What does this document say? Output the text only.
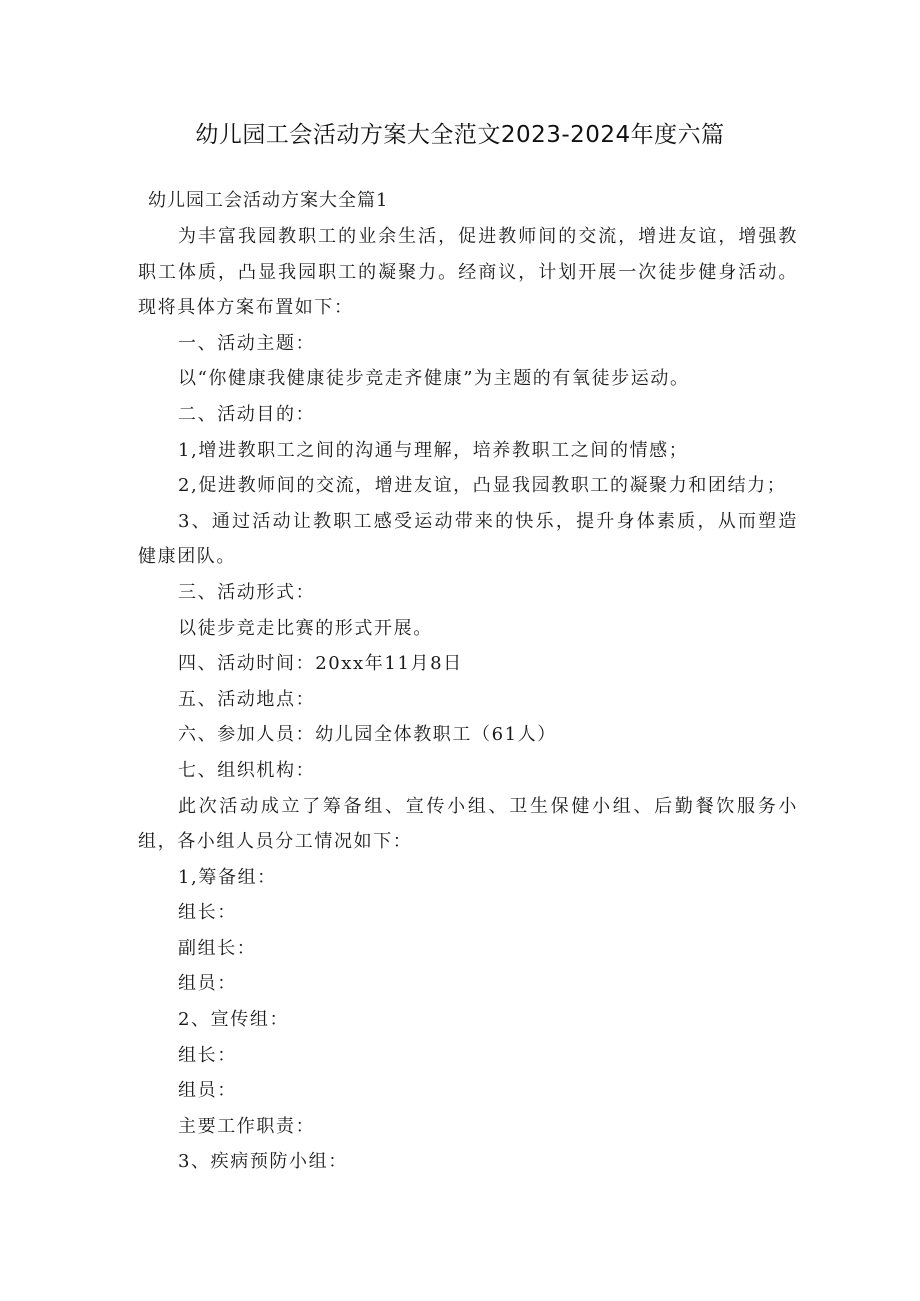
幼儿园工会活动方案大全范文2023-2024年度六篇
幼儿园工会活动方案大全篇1

为丰富我园教职工的业余生活，促进教师间的交流，增进友谊，增强教职工体质，凸显我园职工的凝聚力。经商议，计划开展一次徒步健身活动。现将具体方案布置如下：

一、活动主题：

以“你健康我健康徒步竞走齐健康”为主题的有氧徒步运动。

二、活动目的：

1,增进教职工之间的沟通与理解，培养教职工之间的情感；

2,促进教师间的交流，增进友谊，凸显我园教职工的凝聚力和团结力；

3、通过活动让教职工感受运动带来的快乐，提升身体素质，从而塑造健康团队。

三、活动形式：

以徒步竞走比赛的形式开展。

四、活动时间：20xx年11月8日

五、活动地点：

六、参加人员：幼儿园全体教职工（61人）

七、组织机构：

此次活动成立了筹备组、宣传小组、卫生保健小组、后勤餐饮服务小组，各小组人员分工情况如下：

1,筹备组：

组长：

副组长：

组员：

2、宣传组：

组长：

组员：

主要工作职责：

3、疾病预防小组：
